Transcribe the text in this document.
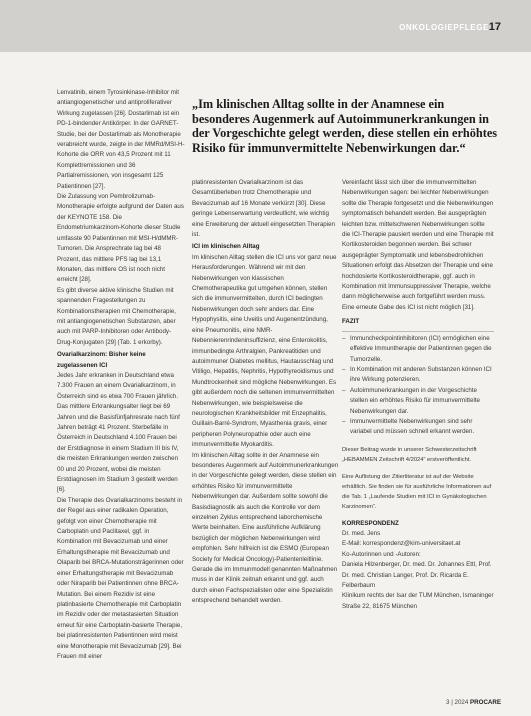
ONKOLOGIEPFLEGE 17
„Im klinischen Alltag sollte in der Anamnese ein besonderes Augenmerk auf Autoimmunerkrankungen in der Vorgeschichte gelegt werden, diese stellen ein erhöhtes Risiko für immunvermittelte Nebenwirkungen dar.“

Lenvatinib, einem Tyrosinkinase-Inhibitor mit antiangiogenetischer und antiproliferativer Wirkung zugelassen [26]. Dostarlimab ist ein PD-1-bindender Antikörper. In der GARNET-Studie, bei der Dostarlimab als Monotherapie verabreicht wurde, zeigte in der MMRd/MSI-H-Kohorte die ORR von 43,5 Prozent mit 11 Komplettremissionen und 36 Partialremissionen, von insgesamt 125 Patientinnen [27].

Die Zulassung von Pembrolizumab-Monotherapie erfolgte aufgrund der Daten aus der KEYNOTE 158. Die Endometriumkarzinom-Kohorte dieser Studie umfasste 90 Patientinnen mit MSI-H/dMMR-Tumoren. Die Ansprechrate lag bei 48 Prozent, das mittlere PFS lag bei 13,1 Monaten, das mittlere OS ist noch nicht erreicht [28].

Es gibt diverse aktive klinische Studien mit spannenden Fragestellungen zu Kombinationstherapien mit Chemotherapie, mit antiangiogenetischen Substanzen, aber auch mit PARP-Inhibitoren oder Antibody-Drug-Konjugaten [29] (Tab. 1 erkorby).

Ovarialkarzinom: Bisher keine zugelassenen ICI

Jedes Jahr erkranken in Deutschland etwa 7.300 Frauen an einem Ovarialkarzinom, in Österreich sind es etwa 700 Frauen jährlich. Das mittlere Erkrankungsalter liegt bei 69 Jahren und die Basisfünfjahresrate nach fünf Jahren beträgt 41 Prozent. Sterbefälle in Österreich in Deutschland 4.100 Frauen bei der Erstdiagnose in einem Stadium III bis IV, die meisten Erkrankungen werden zwischen 00 und 20 Prozent, wobei die meisten Erstdiagnosen im Stadium 3 gestellt werden [6].

Die Therapie des Ovarialkarzinoms besteht in der Regel aus einer radikalen Operation, gefolgt von einer Chemotherapie mit Carboplatin und Paclitaxel, ggf. in Kombination mit Bevacizumab und einer Erhaltungstherapie mit Bevacizumab und Olaparib bei BRCA-Mutationsträgerinnen oder einer Erhaltungstherapie mit Bevacizumab oder Niraparib bei Patientinnen ohne BRCA-Mutation. Bei einem Rezidiv ist eine platinbasierte Chemotherapie mit Carboplatin im Rezidiv oder der metastasierten Situation erneut für eine Carboplatin-basierte Therapie, bei platinresistenten Patientinnen wird meist eine Monotherapie mit Bevacizumab [29]. Bei Frauen mit einer

platinresistenten Ovarialkarzinom ist das Gesamtüberleben trotz Chemotherapie und Bevacizumab auf 16 Monate verkürzt [30]. Diese geringe Lebenserwartung verdeutlicht, wie wichtig eine Erweiterung der aktuell eingesetzten Therapien ist.

ICI im klinischen Alltag

Im klinischen Alltag stellen die ICI uns vor ganz neue Herausforderungen. Während wir mit den Nebenwirkungen von klassischen Chemotherapeutika gut umgehen können, stellen sich die immunvermittelten, durch ICI bedingten Nebenwirkungen doch sehr anders dar. Eine Hypophysitis, eine Uveitis und Augenentzündung, eine Pneumonitis, eine NMR-Nebennierenrindeninsuffizienz, eine Enterokolitis, immunbedingte Arthralgien, Pankreatitiden und autoimmuner Diabetes mellitus, Hautausschlag und Vitiligo, Hepatitis, Nephritis, Hypothyreoidismus und Mundtrockenheit sind mögliche Nebenwirkungen. Es gibt außerdem noch die seltenen immunvermittelten Nebenwirkungen, wie beispielsweise die neurologischen Krankheitsbilder mit Enzephalitis, Guillain-Barré-Syndrom, Myasthenia gravis, einer peripheren Polyneuropathie oder auch eine immunvermittelte Myokarditis.

Im klinischen Alltag sollte in der Anamnese ein besonderes Augenmerk auf Autoimmunerkrankungen in der Vorgeschichte gelegt werden, diese stellen ein erhöhtes Risiko für immunvermittelte Nebenwirkungen dar. Außerdem sollte sowohl die Basisdiagnostik als auch die Kontrolle vor dem einzelnen Zyklus entsprechend laborchemische Werte beinhalten. Eine ausführliche Aufklärung bezüglich der möglichen Nebenwirkungen wird empfohlen. Sehr hilfreich ist die ESMO (European Society for Medical Oncology)-Patientenleitlinie. Gerade die im Immunmodell genannten Maßnahmen muss in der Klinik zeitnah erkannt und ggf. auch durch einen Fachspezialisten oder eine Spezialistin entsprechend behandelt werden.

Vereinfacht lässt sich über die immunvermittelten Nebenwirkungen sagen: bei leichter Nebenwirkungen sollte die Therapie fortgesetzt und die Nebenwirkungen symptomatisch behandelt werden. Bei ausgeprägten leichten bzw. mittelschweren Nebenwirkungen sollte die ICI-Therapie pausiert werden und eine Therapie mit Kortikosteroiden begonnen werden. Bei schwer ausgeprägter Symptomatik und lebensbedrohlichen Situationen erfolgt das Absetzen der Therapie und eine hochdosierte Kortikosteroidtherapie, ggf. auch in Kombination mit Immunsuppressiver Therapie, welche dann möglicherweise auch fortgeführt werden muss. Eine erneute Gabe des ICI ist nicht möglich [31].

FAZIT

– Immuncheckpointinhibitoren (ICI) ermöglichen eine effektive Immuntherapie der Patientinnen gegen die Tumorzelle.
– In Kombination mit anderen Substanzen können ICI ihre Wirkung potenzieren.
– Autoimmunerkrankungen in der Vorgeschichte stellen ein erhöhtes Risiko für immunvermittelte Nebenwirkungen dar.
– Immunvermittelte Nebenwirkungen sind sehr variabel und müssen schnell erkannt werden.

Dieser Beitrag wurde in unserer Schwesterzeitschrift „HEBAMMEN Zeitschrift 4/2024“ erstveröffentlicht.

Eine Auflistung der Zitierliteratur ist auf der Website erhältlich. Sie finden sie für ausführliche Informationen auf die Tab. 1 „Laufende Studien mit ICI in Gynäkologischen Karzinomen“.

KORRESPONDENZ

Dr. med. Jens

E-Mail: korrespondenz@kim-universitaet.at

Ko-Autorinnen und -Autoren:

Daniela Hilzenberger, Dr. med. Dr. Johannes Ettl, Prof. Dr. med. Christian Langer, Prof. Dr. Ricarda E. Felberbaum

Klinikum rechts der Isar der TUM München, Ismaninger Straße 22, 81675 München

3 | 2024 PROCARE
